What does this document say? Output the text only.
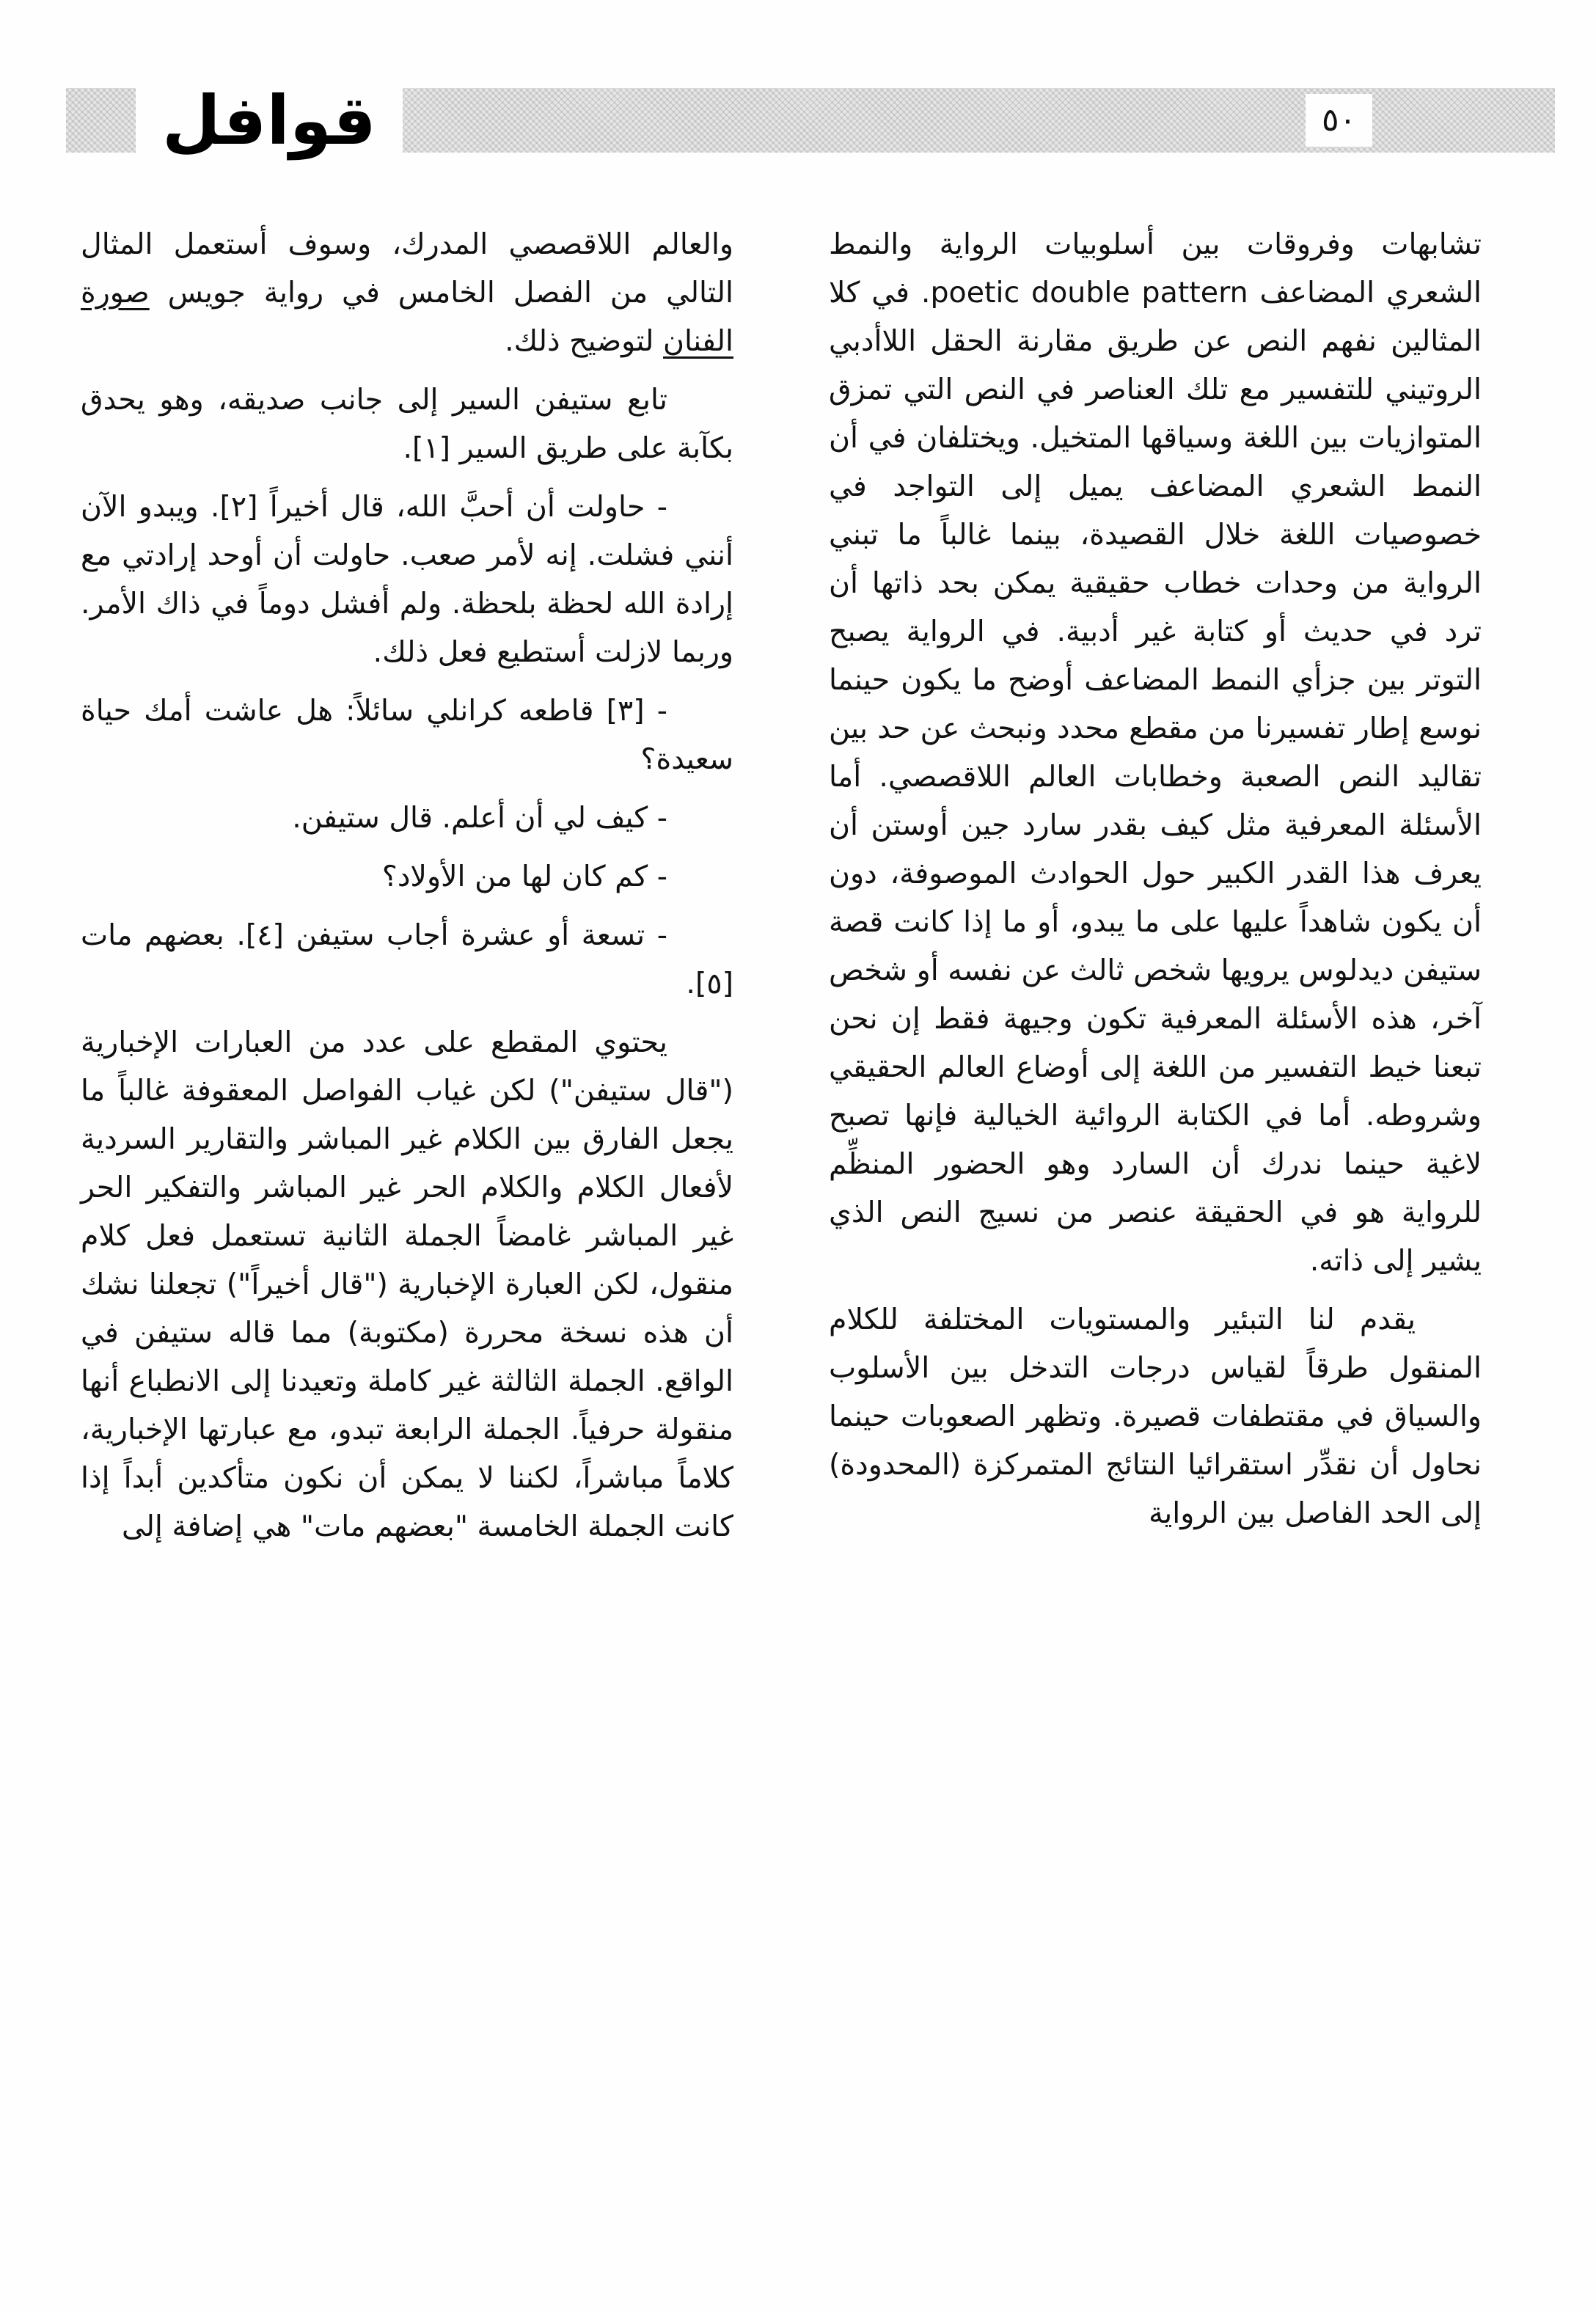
قوافل	٥٠

تشابهات وفروقات بين أسلوبيات الرواية والنمط الشعري المضاعف poetic double pattern. في كلا المثالين نفهم النص عن طريق مقارنة الحقل اللاأدبي الروتيني للتفسير مع تلك العناصر في النص التي تمزق المتوازيات بين اللغة وسياقها المتخيل. ويختلفان في أن النمط الشعري المضاعف يميل إلى التواجد في خصوصيات اللغة خلال القصيدة، بينما غالباً ما تبني الرواية من وحدات خطاب حقيقية يمكن بحد ذاتها أن ترد في حديث أو كتابة غير أدبية. في الرواية يصبح التوتر بين جزأي النمط المضاعف أوضح ما يكون حينما نوسع إطار تفسيرنا من مقطع محدد ونبحث عن حد بين تقاليد النص الصعبة وخطابات العالم اللاقصصي. أما الأسئلة المعرفية مثل كيف بقدر سارد جين أوستن أن يعرف هذا القدر الكبير حول الحوادث الموصوفة، دون أن يكون شاهداً عليها على ما يبدو، أو ما إذا كانت قصة ستيفن ديدلوس يرويها شخص ثالث عن نفسه أو شخص آخر، هذه الأسئلة المعرفية تكون وجيهة فقط إن نحن تبعنا خيط التفسير من اللغة إلى أوضاع العالم الحقيقي وشروطه. أما في الكتابة الروائية الخيالية فإنها تصبح لاغية حينما ندرك أن السارد وهو الحضور المنظِّم للرواية هو في الحقيقة عنصر من نسيج النص الذي يشير إلى ذاته.

يقدم لنا التبئير والمستويات المختلفة للكلام المنقول طرقاً لقياس درجات التدخل بين الأسلوب والسياق في مقتطفات قصيرة. وتظهر الصعوبات حينما نحاول أن نقدِّر استقرائيا النتائج المتمركزة (المحدودة) إلى الحد الفاصل بين الرواية

والعالم اللاقصصي المدرك، وسوف أستعمل المثال التالي من الفصل الخامس في رواية جويس صورة الفنان لتوضيح ذلك.

تابع ستيفن السير إلى جانب صديقه، وهو يحدق بكآبة على طريق السير [١].

- حاولت أن أحبَّ الله، قال أخيراً [٢]. ويبدو الآن أنني فشلت. إنه لأمر صعب. حاولت أن أوحد إرادتي مع إرادة الله لحظة بلحظة. ولم أفشل دوماً في ذاك الأمر. وربما لازلت أستطيع فعل ذلك.

- [٣] قاطعه كرانلي سائلاً: هل عاشت أمك حياة سعيدة؟

- كيف لي أن أعلم. قال ستيفن.

- كم كان لها من الأولاد؟

- تسعة أو عشرة أجاب ستيفن [٤]. بعضهم مات [٥].

يحتوي المقطع على عدد من العبارات الإخبارية ("قال ستيفن") لكن غياب الفواصل المعقوفة غالباً ما يجعل الفارق بين الكلام غير المباشر والتقارير السردية لأفعال الكلام والكلام الحر غير المباشر والتفكير الحر غير المباشر غامضاً الجملة الثانية تستعمل فعل كلام منقول، لكن العبارة الإخبارية ("قال أخيراً") تجعلنا نشك أن هذه نسخة محررة (مكتوبة) مما قاله ستيفن في الواقع. الجملة الثالثة غير كاملة وتعيدنا إلى الانطباع أنها منقولة حرفياً. الجملة الرابعة تبدو، مع عبارتها الإخبارية، كلاماً مباشراً، لكننا لا يمكن أن نكون متأكدين أبداً إذا كانت الجملة الخامسة "بعضهم مات" هي إضافة إلى
